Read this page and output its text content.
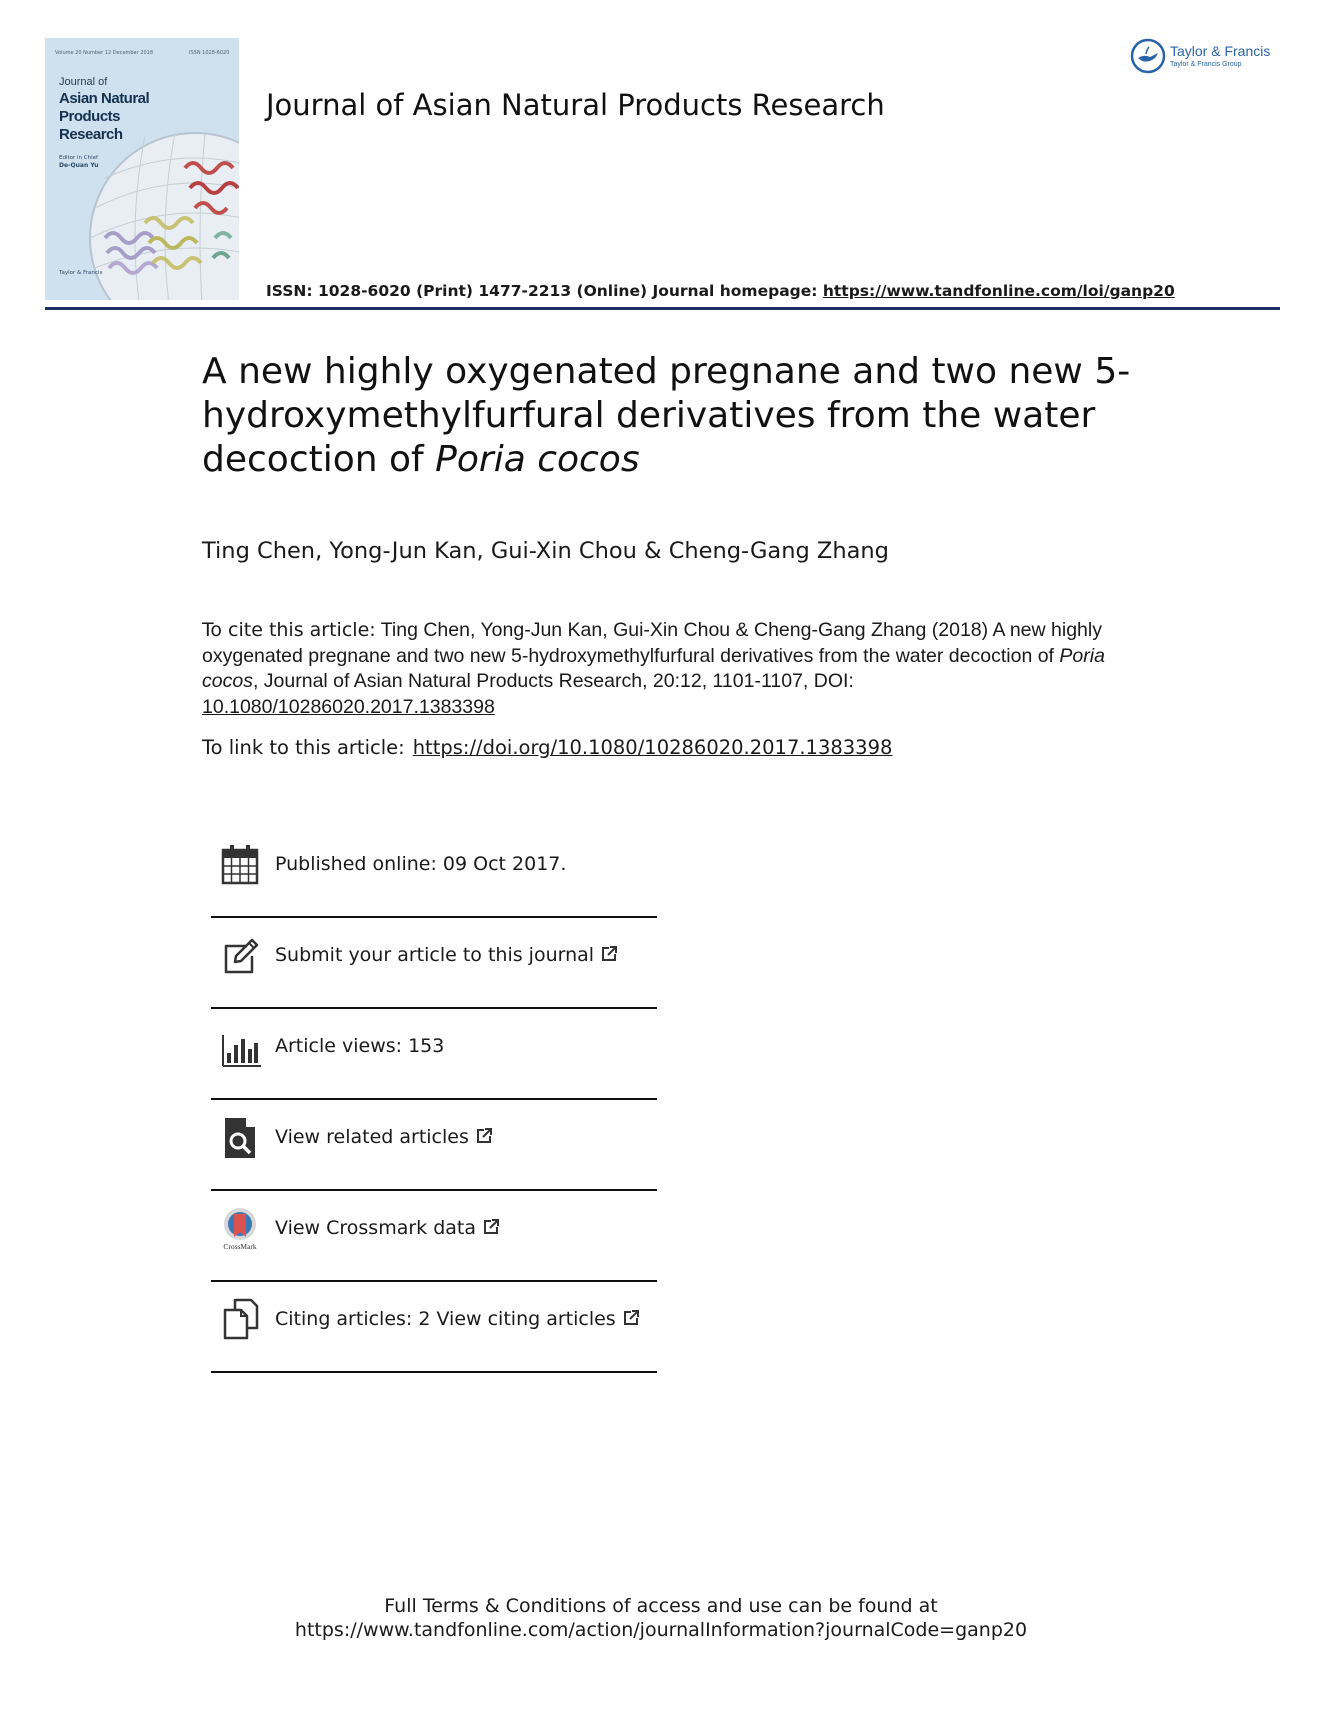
Volume 20 Number 12 December 2018	ISSN 1028-6020
Journal of
Asian Natural Products Research
Editor in Chief
De-Quan Yu
Taylor & Francis
Journal of Asian Natural Products Research
Taylor & Francis
Taylor & Francis Group
ISSN: 1028-6020 (Print) 1477-2213 (Online) Journal homepage: https://www.tandfonline.com/loi/ganp20
A new highly oxygenated pregnane and two new 5-hydroxymethylfurfural derivatives from the water decoction of Poria cocos
Ting Chen, Yong-Jun Kan, Gui-Xin Chou & Cheng-Gang Zhang
To cite this article: Ting Chen, Yong-Jun Kan, Gui-Xin Chou & Cheng-Gang Zhang (2018) A new highly oxygenated pregnane and two new 5-hydroxymethylfurfural derivatives from the water decoction of Poria cocos, Journal of Asian Natural Products Research, 20:12, 1101-1107, DOI: 10.1080/10286020.2017.1383398
To link to this article: https://doi.org/10.1080/10286020.2017.1383398
Published online: 09 Oct 2017.
Submit your article to this journal
Article views: 153
View related articles
CrossMark
View Crossmark data
Citing articles: 2 View citing articles
Full Terms & Conditions of access and use can be found at
https://www.tandfonline.com/action/journalInformation?journalCode=ganp20
